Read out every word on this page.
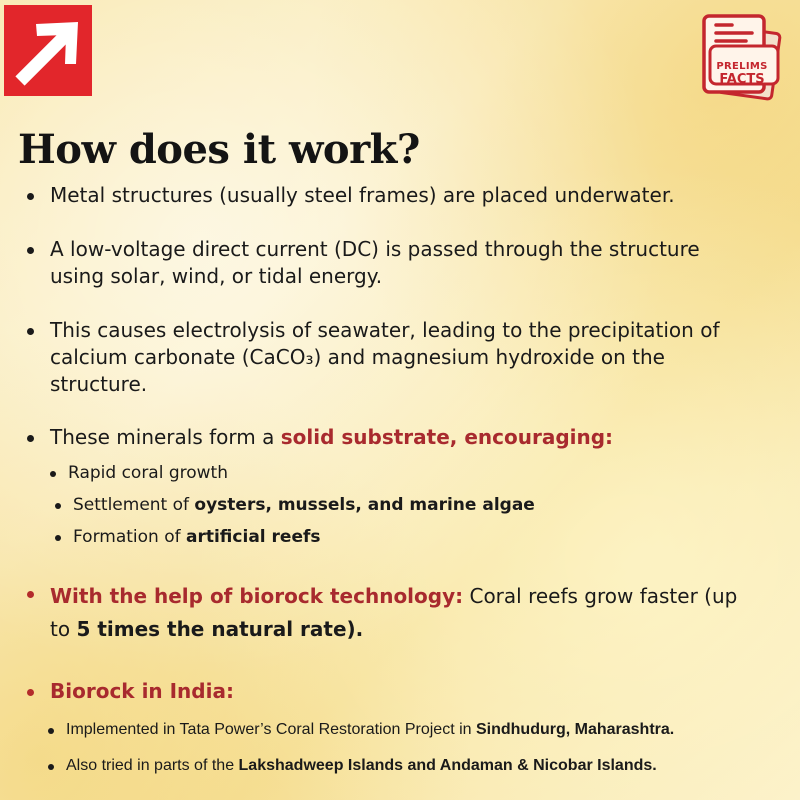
PRELIMS
FACTS
How does it work?
Metal structures (usually steel frames) are placed underwater.
A low-voltage direct current (DC) is passed through the structure
using solar, wind, or tidal energy.
This causes electrolysis of seawater, leading to the precipitation of
calcium carbonate (CaCO₃) and magnesium hydroxide on the
structure.
These minerals form a solid substrate, encouraging:
Rapid coral growth
Settlement of oysters, mussels, and marine algae
Formation of artificial reefs
With the help of biorock technology: Coral reefs grow faster (up
to 5 times the natural rate).
Biorock in India:
Implemented in Tata Power’s Coral Restoration Project in Sindhudurg, Maharashtra.
Also tried in parts of the Lakshadweep Islands and Andaman & Nicobar Islands.
